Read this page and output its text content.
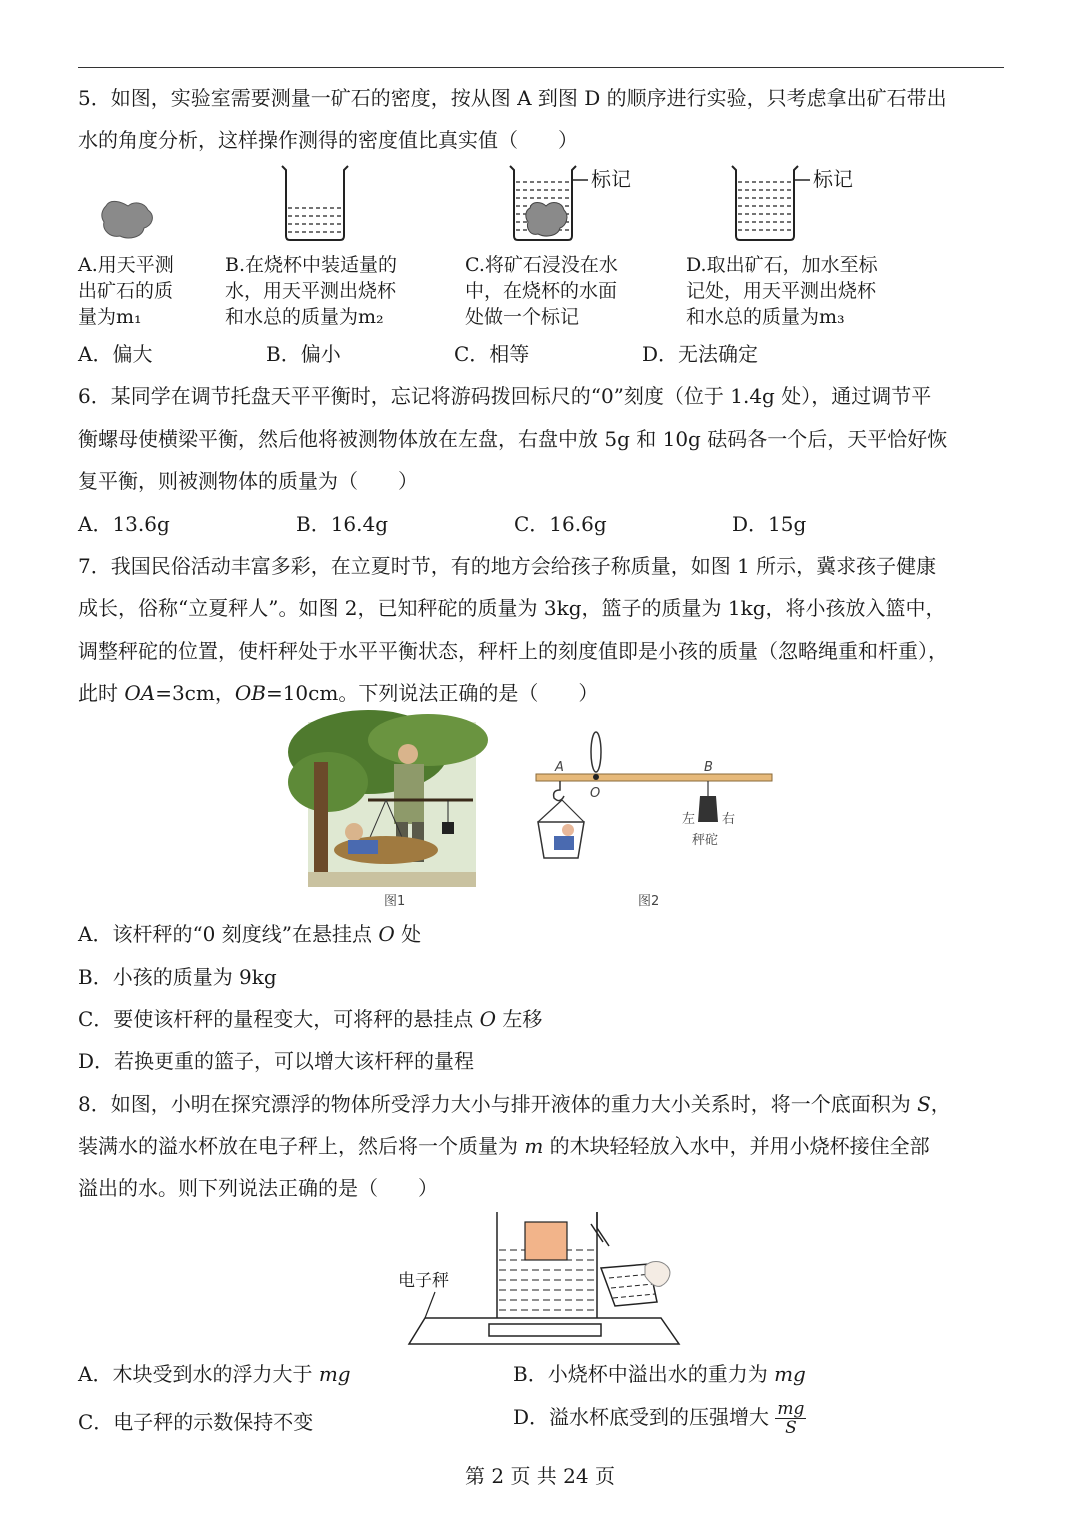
5．如图，实验室需要测量一矿石的密度，按从图 A 到图 D 的顺序进行实验，只考虑拿出矿石带出
水的角度分析，这样操作测得的密度值比真实值（　　）
标记	标记
A.用天平测
出矿石的质
量为m₁
B.在烧杯中装适量的
水，用天平测出烧杯
和水总的质量为m₂
C.将矿石浸没在水
中，在烧杯的水面
处做一个标记
D.取出矿石，加水至标
记处，用天平测出烧杯
和水总的质量为m₃
A．偏大	B．偏小	C．相等	D．无法确定
6．某同学在调节托盘天平平衡时，忘记将游码拨回标尺的“0”刻度（位于 1.4g 处），通过调节平
衡螺母使横梁平衡，然后他将被测物体放在左盘，右盘中放 5g 和 10g 砝码各一个后，天平恰好恢
复平衡，则被测物体的质量为（　　）
A．13.6g	B．16.4g	C．16.6g	D．15g
7．我国民俗活动丰富多彩，在立夏时节，有的地方会给孩子称质量，如图 1 所示，冀求孩子健康
成长，俗称“立夏秤人”。如图 2，已知秤砣的质量为 3kg，篮子的质量为 1kg，将小孩放入篮中，
调整秤砣的位置，使杆秤处于水平平衡状态，秤杆上的刻度值即是小孩的质量（忽略绳重和杆重），
此时 OA=3cm，OB=10cm。下列说法正确的是（　　）
图1
A
O
B
左 右
秤砣
图2
A．该杆秤的“0 刻度线”在悬挂点 O 处
B．小孩的质量为 9kg
C．要使该杆秤的量程变大，可将秤的悬挂点 O 左移
D．若换更重的篮子，可以增大该杆秤的量程
8．如图，小明在探究漂浮的物体所受浮力大小与排开液体的重力大小关系时，将一个底面积为 S，
装满水的溢水杯放在电子秤上，然后将一个质量为 m 的木块轻轻放入水中，并用小烧杯接住全部
溢出的水。则下列说法正确的是（　　）
电子秤
A．木块受到水的浮力大于 mg	B．小烧杯中溢出水的重力为 mg
C．电子秤的示数保持不变	D．溢水杯底受到的压强增大 $\frac{mg}{S}$
第 2 页 共 24 页
